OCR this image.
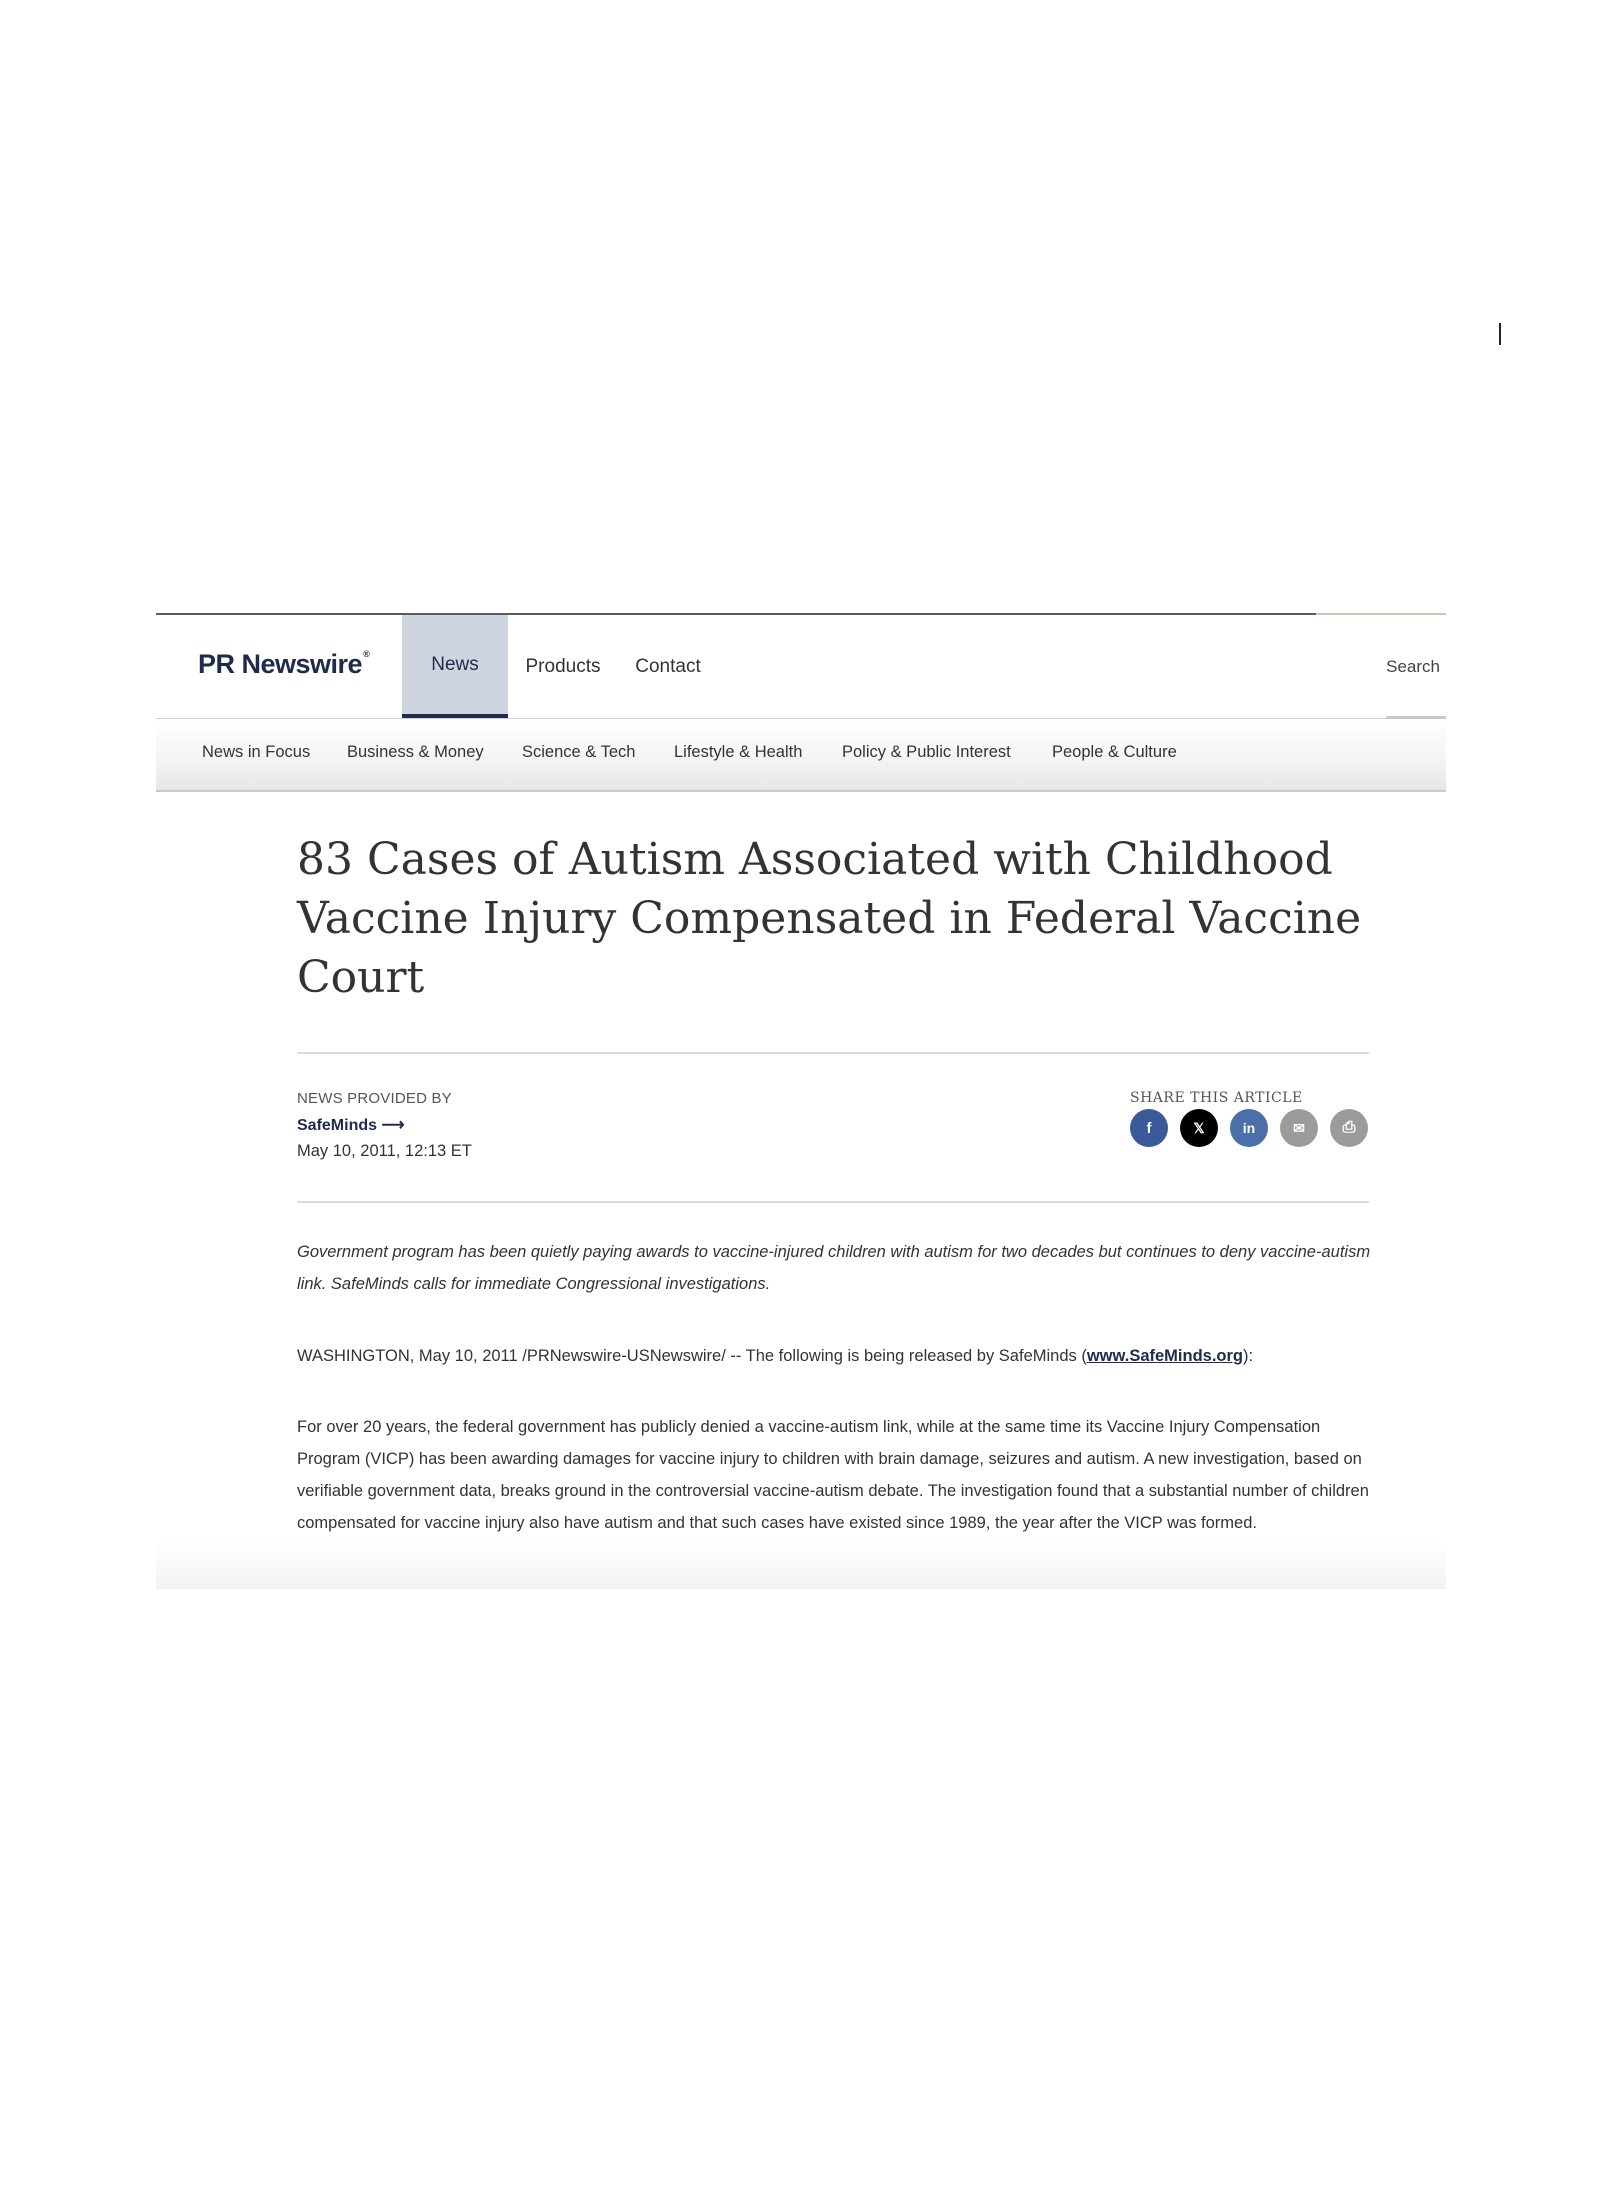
PR Newswire®	News Products Contact	Search
News in Focus Business & Money Science & Tech Lifestyle & Health Policy & Public Interest	People & Culture
83 Cases of Autism Associated with Childhood Vaccine Injury Compensated in Federal Vaccine Court
NEWS PROVIDED BY
SafeMinds ⟶
May 10, 2011, 12:13 ET
SHARE THIS ARTICLE
f	𝕏	in	✉ ⎙

Government program has been quietly paying awards to vaccine-injured children with autism for two decades but continues to deny vaccine-autism link. SafeMinds calls for immediate Congressional investigations.

WASHINGTON, May 10, 2011 /PRNewswire-USNewswire/ -- The following is being released by SafeMinds (www.SafeMinds.org):

For over 20 years, the federal government has publicly denied a vaccine-autism link, while at the same time its Vaccine Injury Compensation Program (VICP) has been awarding damages for vaccine injury to children with brain damage, seizures and autism. A new investigation, based on verifiable government data, breaks ground in the controversial vaccine-autism debate. The investigation found that a substantial number of children compensated for vaccine injury also have autism and that such cases have existed since 1989, the year after the VICP was formed.
